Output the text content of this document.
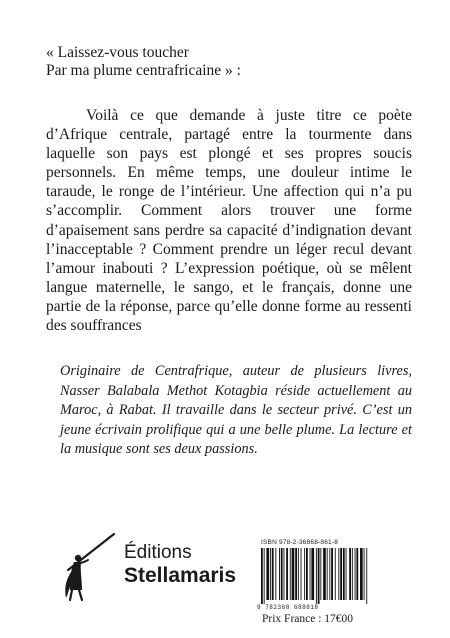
« Laissez-vous toucher
Par ma plume centrafricaine » :

Voilà ce que demande à juste titre ce poète d’Afrique centrale, partagé entre la tourmente dans laquelle son pays est plongé et ses propres soucis personnels. En même temps, une douleur intime le taraude, le ronge de l’intérieur. Une affection qui n’a pu s’accomplir. Comment alors trouver une forme d’apaisement sans perdre sa capacité d’indignation devant l’inacceptable ? Comment prendre un léger recul devant l’amour inabouti ? L’expression poétique, où se mêlent langue maternelle, le sango, et le français, donne une partie de la réponse, parce qu’elle donne forme au ressenti des souffrances

Originaire de Centrafrique, auteur de plusieurs livres, Nasser Balabala Methot Kotagbia réside actuellement au Maroc, à Rabat. Il travaille dans le secteur privé. C’est un jeune écrivain prolifique qui a une belle plume. La lecture et la musique sont ses deux passions.

Éditions
Stellamaris
ISBN 978-2-36868-861-8
9 782368 688618
Prix France : 17€00
